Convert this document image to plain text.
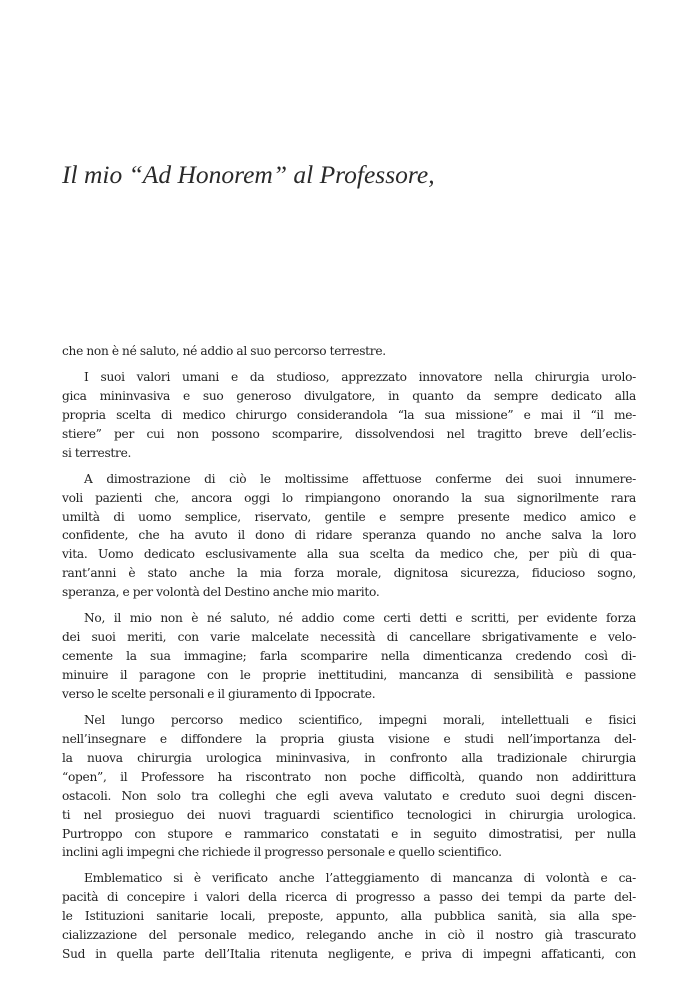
Il mio “Ad Honorem” al Professore,
che non è né saluto, né addio al suo percorso terrestre.
I suoi valori umani e da studioso, apprezzato innovatore nella chirurgia urolo-
gica mininvasiva e suo generoso divulgatore, in quanto da sempre dedicato alla
propria scelta di medico chirurgo considerandola “la sua missione” e mai il “il me-
stiere” per cui non possono scomparire, dissolvendosi nel tragitto breve dell’eclis-
si terrestre.
A dimostrazione di ciò le moltissime affettuose conferme dei suoi innumere-
voli pazienti che, ancora oggi lo rimpiangono onorando la sua signorilmente rara
umiltà di uomo semplice, riservato, gentile e sempre presente medico amico e
confidente, che ha avuto il dono di ridare speranza quando no anche salva la loro
vita. Uomo dedicato esclusivamente alla sua scelta da medico che, per più di qua-
rant’anni è stato anche la mia forza morale, dignitosa sicurezza, fiducioso sogno,
speranza, e per volontà del Destino anche mio marito.
No, il mio non è né saluto, né addio come certi detti e scritti, per evidente forza
dei suoi meriti, con varie malcelate necessità di cancellare sbrigativamente e velo-
cemente la sua immagine; farla scomparire nella dimenticanza credendo così di-
minuire il paragone con le proprie inettitudini, mancanza di sensibilità e passione
verso le scelte personali e il giuramento di Ippocrate.
Nel lungo percorso medico scientifico, impegni morali, intellettuali e fisici
nell’insegnare e diffondere la propria giusta visione e studi nell’importanza del-
la nuova chirurgia urologica mininvasiva, in confronto alla tradizionale chirurgia
“open”, il Professore ha riscontrato non poche difficoltà, quando non addirittura
ostacoli. Non solo tra colleghi che egli aveva valutato e creduto suoi degni discen-
ti nel prosieguo dei nuovi traguardi scientifico tecnologici in chirurgia urologica.
Purtroppo con stupore e rammarico constatati e in seguito dimostratisi, per nulla
inclini agli impegni che richiede il progresso personale e quello scientifico.
Emblematico si è verificato anche l’atteggiamento di mancanza di volontà e ca-
pacità di concepire i valori della ricerca di progresso a passo dei tempi da parte del-
le Istituzioni sanitarie locali, preposte, appunto, alla pubblica sanità, sia alla spe-
cializzazione del personale medico, relegando anche in ciò il nostro già trascurato
Sud in quella parte dell’Italia ritenuta negligente, e priva di impegni affaticanti, con
